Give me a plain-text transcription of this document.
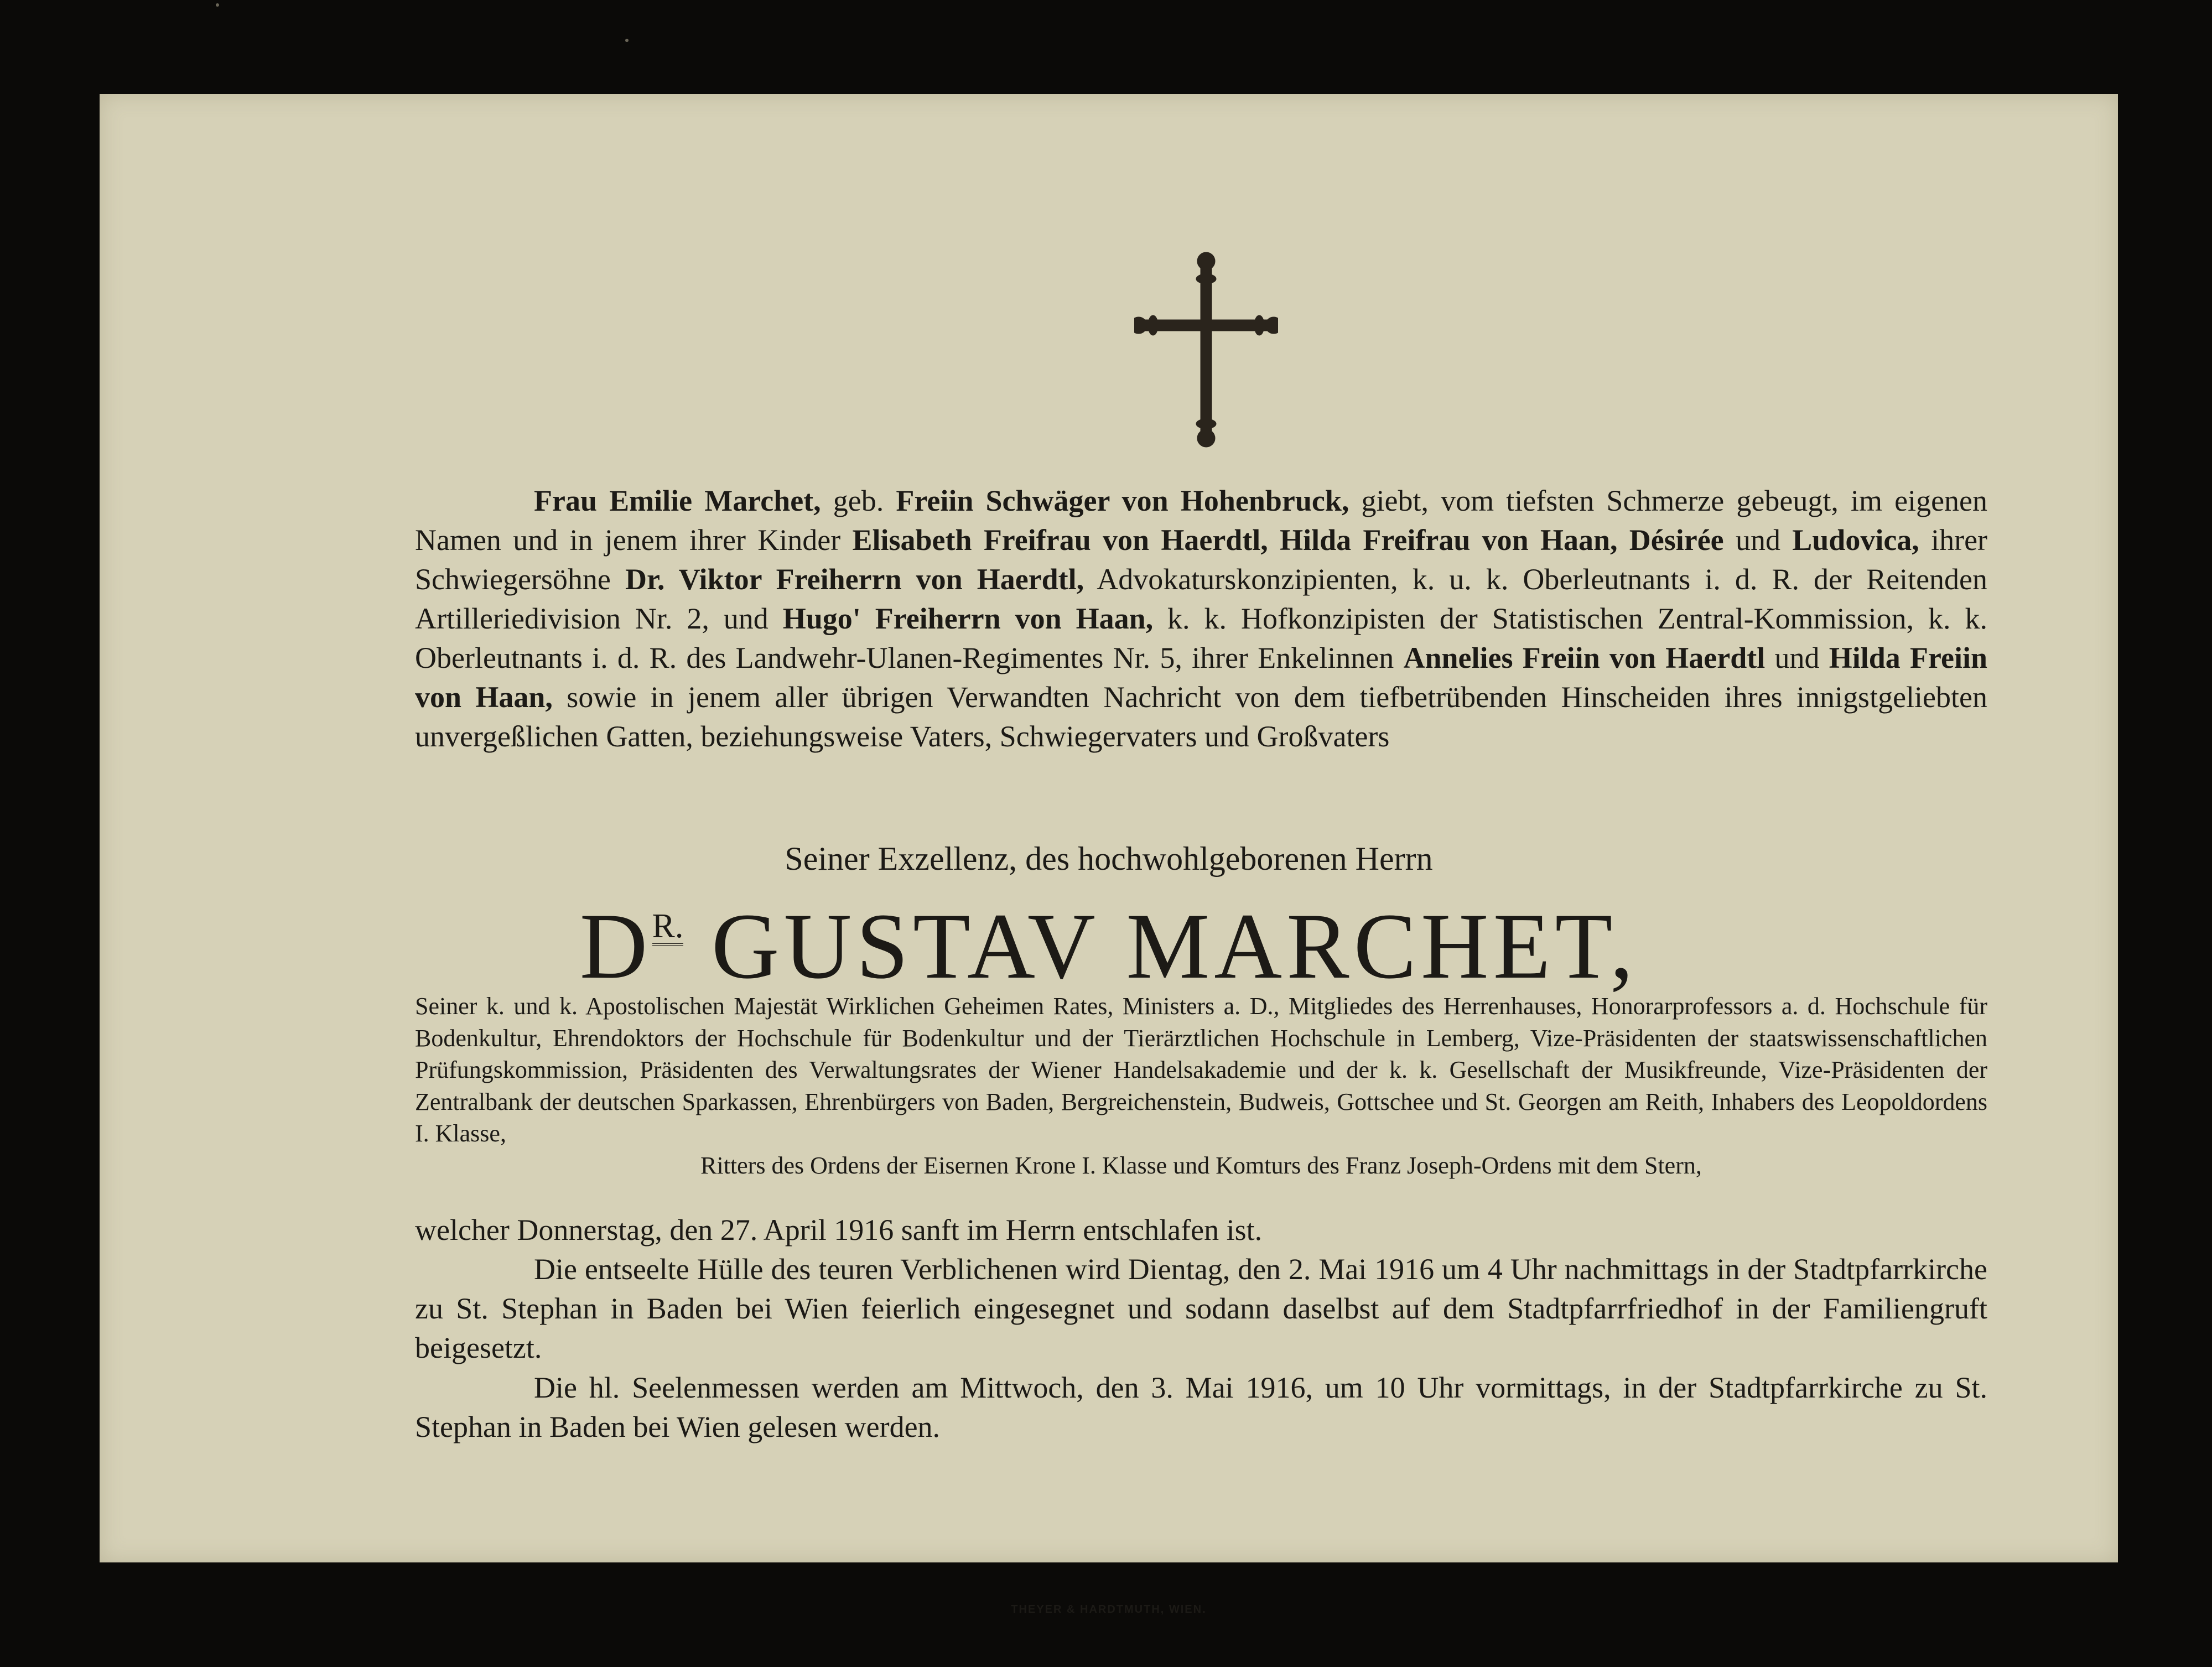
Frau Emilie Marchet, geb. Freiin Schwäger von Hohenbruck, giebt, vom tiefsten Schmerze gebeugt, im eigenen Namen und in jenem ihrer Kinder Elisabeth Freifrau von Haerdtl, Hilda Freifrau von Haan, Désirée und Ludovica, ihrer Schwiegersöhne Dr. Viktor Freiherrn von Haerdtl, Advokaturskonzipienten, k. u. k. Oberleutnants i. d. R. der Reitenden Artilleriedivision Nr. 2, und Hugo' Freiherrn von Haan, k. k. Hofkonzipisten der Statistischen Zentral-Kommission, k. k. Oberleutnants i. d. R. des Landwehr-Ulanen-Regimentes Nr. 5, ihrer Enkelinnen Annelies Freiin von Haerdtl und Hilda Freiin von Haan, sowie in jenem aller übrigen Verwandten Nachricht von dem tiefbetrübenden Hinscheiden ihres innigstgeliebten unvergeßlichen Gatten, beziehungsweise Vaters, Schwiegervaters und Großvaters
Seiner Exzellenz, des hochwohlgeborenen Herrn
DR. GUSTAV MARCHET,
Seiner k. und k. Apostolischen Majestät Wirklichen Geheimen Rates, Ministers a. D., Mitgliedes des Herrenhauses, Honorarprofessors a. d. Hochschule für Bodenkultur, Ehrendoktors der Hochschule für Bodenkultur und der Tierärztlichen Hochschule in Lemberg, Vize-Präsidenten der staatswissenschaftlichen Prüfungskommission, Präsidenten des Verwaltungsrates der Wiener Handelsakademie und der k. k. Gesellschaft der Musikfreunde, Vize-Präsidenten der Zentralbank der deutschen Sparkassen, Ehrenbürgers von Baden, Bergreichenstein, Budweis, Gottschee und St. Georgen am Reith, Inhabers des Leopoldordens I. Klasse,
Ritters des Ordens der Eisernen Krone I. Klasse und Komturs des Franz Joseph-Ordens mit dem Stern,
welcher Donnerstag, den 27. April 1916 sanft im Herrn entschlafen ist.
Die entseelte Hülle des teuren Verblichenen wird Dientag, den 2. Mai 1916 um 4 Uhr nachmittags in der Stadtpfarrkirche zu St. Stephan in Baden bei Wien feierlich eingesegnet und sodann daselbst auf dem Stadtpfarrfriedhof in der Familiengruft beigesetzt.
Die hl. Seelenmessen werden am Mittwoch, den 3. Mai 1916, um 10 Uhr vormittags, in der Stadtpfarrkirche zu St. Stephan in Baden bei Wien gelesen werden.
THEYER & HARDTMUTH, WIEN.
